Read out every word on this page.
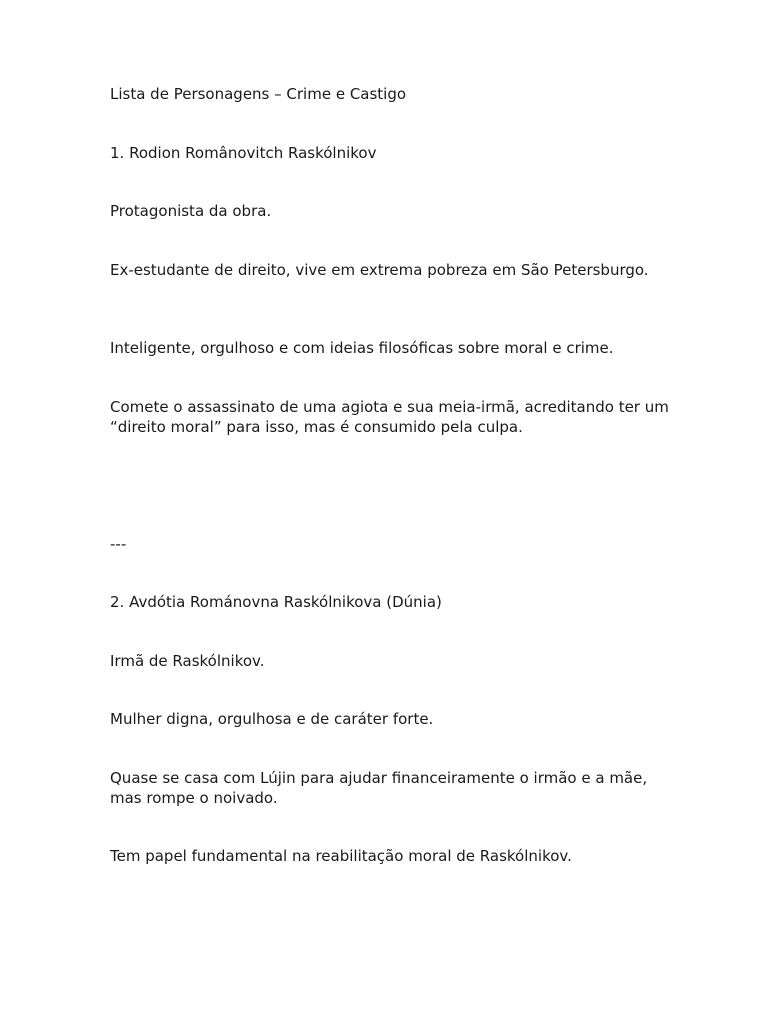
Lista de Personagens – Crime e Castigo

1. Rodion Românovitch Raskólnikov

Protagonista da obra.

Ex-estudante de direito, vive em extrema pobreza em São Petersburgo.

Inteligente, orgulhoso e com ideias filosóficas sobre moral e crime.

Comete o assassinato de uma agiota e sua meia-irmã, acreditando ter um “direito moral” para isso, mas é consumido pela culpa.

---

2. Avdótia Románovna Raskólnikova (Dúnia)

Irmã de Raskólnikov.

Mulher digna, orgulhosa e de caráter forte.

Quase se casa com Lújin para ajudar financeiramente o irmão e a mãe, mas rompe o noivado.

Tem papel fundamental na reabilitação moral de Raskólnikov.
